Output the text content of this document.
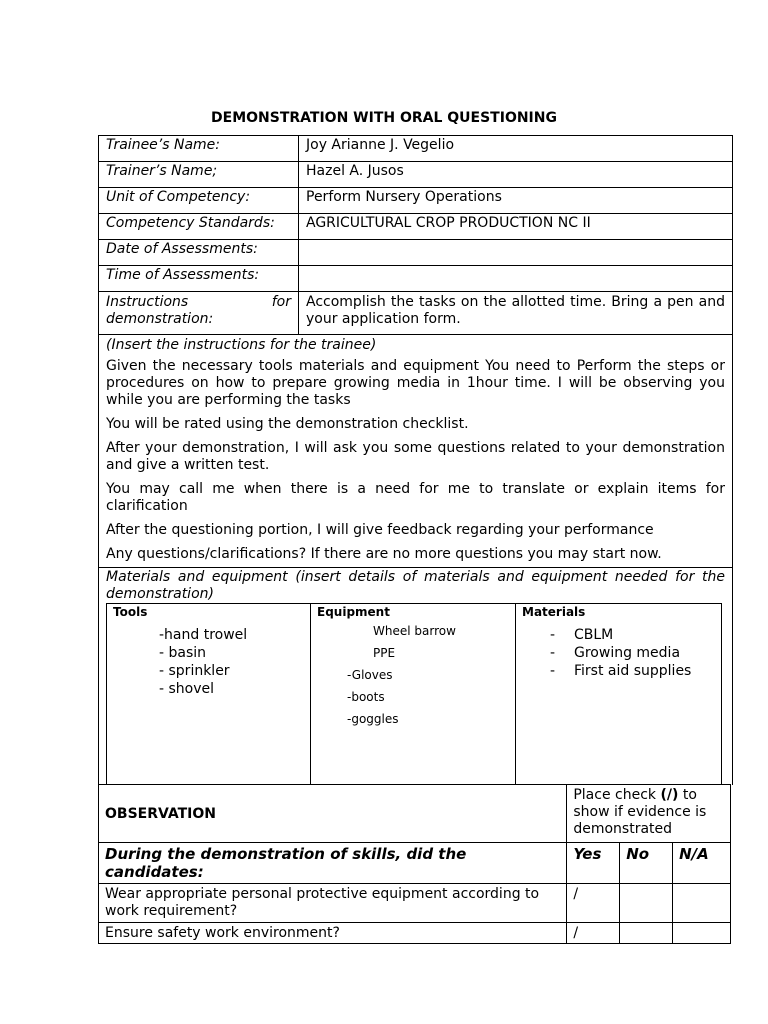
DEMONSTRATION WITH ORAL QUESTIONING
Trainee’s Name:	Joy Arianne J. Vegelio
Trainer’s Name;	Hazel A. Jusos
Unit of Competency:	Perform Nursery Operations
Competency Standards:	AGRICULTURAL CROP PRODUCTION NC II
Date of Assessments:
Time of Assessments:
Instructions for demonstration:
Accomplish the tasks on the allotted time. Bring a pen and your application form.

(Insert the instructions for the trainee)

Given the necessary tools materials and equipment You need to Perform the steps or procedures on how to prepare growing media in 1hour time. I will be observing you while you are performing the tasks

You will be rated using the demonstration checklist.

After your demonstration, I will ask you some questions related to your demonstration and give a written test.

You may call me when there is a need for me to translate or explain items for clarification

After the questioning portion, I will give feedback regarding your performance

Any questions/clarifications? If there are no more questions you may start now.

Materials and equipment (insert details of materials and equipment needed for the demonstration)

Tools
-hand trowel
- basin
- sprinkler
- shovel
Equipment
Wheel barrow
PPE
-Gloves
-boots
-goggles
Materials
- CBLM
- Growing media
- First aid supplies
OBSERVATION	Place check (/) to show if evidence is demonstrated		
During the demonstration of skills, did the candidates:	Yes	No	N/A
Wear appropriate personal protective equipment according to work requirement?	/		
Ensure safety work environment?	/		
